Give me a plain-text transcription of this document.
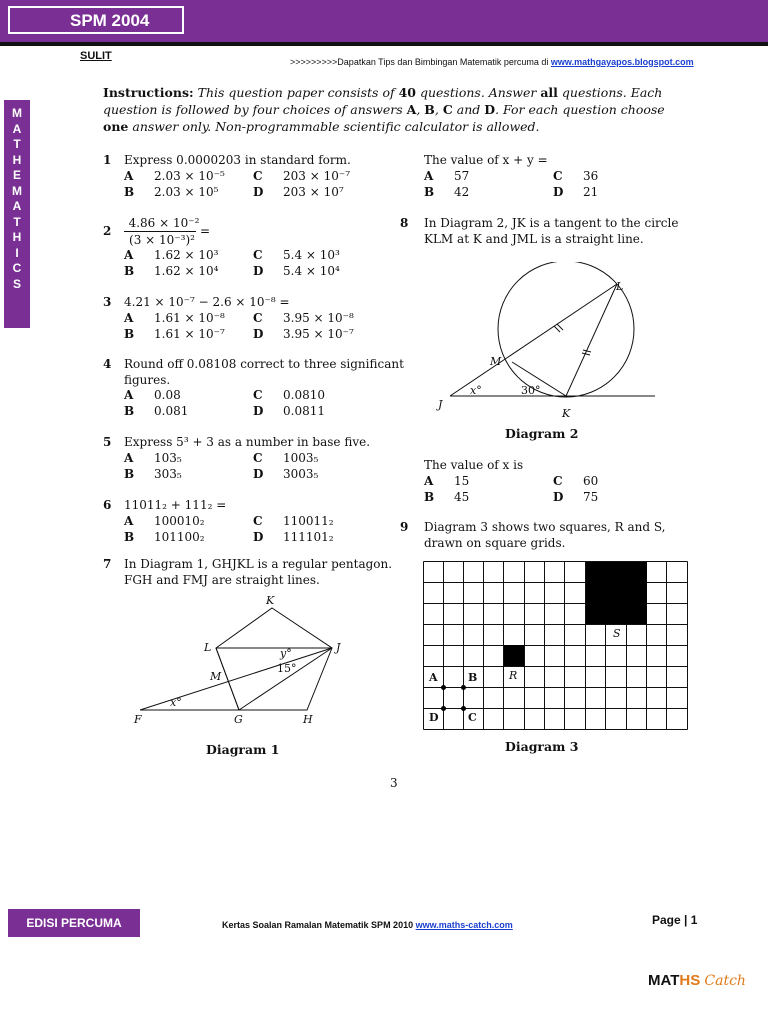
SPM 2004
SULIT	>>>>>>>>>Dapatkan Tips dan Bimbingan Matematik percuma di www.mathgayapos.blogspot.com
M
A
T
H
E
M
A
T
H
I
C
S
Instructions: This question paper consists of 40 questions. Answer all questions. Each question is followed by four choices of answers A, B, C and D. For each question choose one answer only. Non-programmable scientific calculator is allowed.
1 Express 0.0000203 in standard form.
A 2.03 × 10⁻⁵ C 203 × 10⁻⁷
B 2.03 × 10⁵	D 203 × 10⁷
2
4.86 × 10⁻²
(3 × 10⁻³)²
=
A 1.62 × 10³	C 5.4 × 10³
B 1.62 × 10⁴	D 5.4 × 10⁴
3 4.21 × 10⁻⁷ − 2.6 × 10⁻⁸ =
A 1.61 × 10⁻⁸ C 3.95 × 10⁻⁸
B 1.61 × 10⁻⁷ D 3.95 × 10⁻⁷
4 Round off 0.08108 correct to three significant
figures.
A 0.08	C 0.0810
B 0.081	D 0.0811
5 Express 5³ + 3 as a number in base five.
A 103₅	C 1003₅
B 303₅	D 3003₅
6 11011₂ + 111₂ =
A 100010₂	C 110011₂
B 101100₂	D 111101₂
7 In Diagram 1, GHJKL is a regular pentagon.
FGH and FMJ are straight lines.
K
L	J
M
F	G	H
y°
15°
x°
Diagram 1
The value of x + y =
A 57	C 36
B 42	D 21
8 In Diagram 2, JK is a tangent to the circle
KLM at K and JML is a straight line.
L
M
J
K
x°	30°
Diagram 2
The value of x is
A 15	C 60
B 45	D 75
9 Diagram 3 shows two squares, R and S,
drawn on square grids.
A	B
D	C
R
S
Diagram 3
3
EDISI PERCUMA	Kertas Soalan Ramalan Matematik SPM 2010 www.maths-catch.com	Page | 1
MATHS Catch
